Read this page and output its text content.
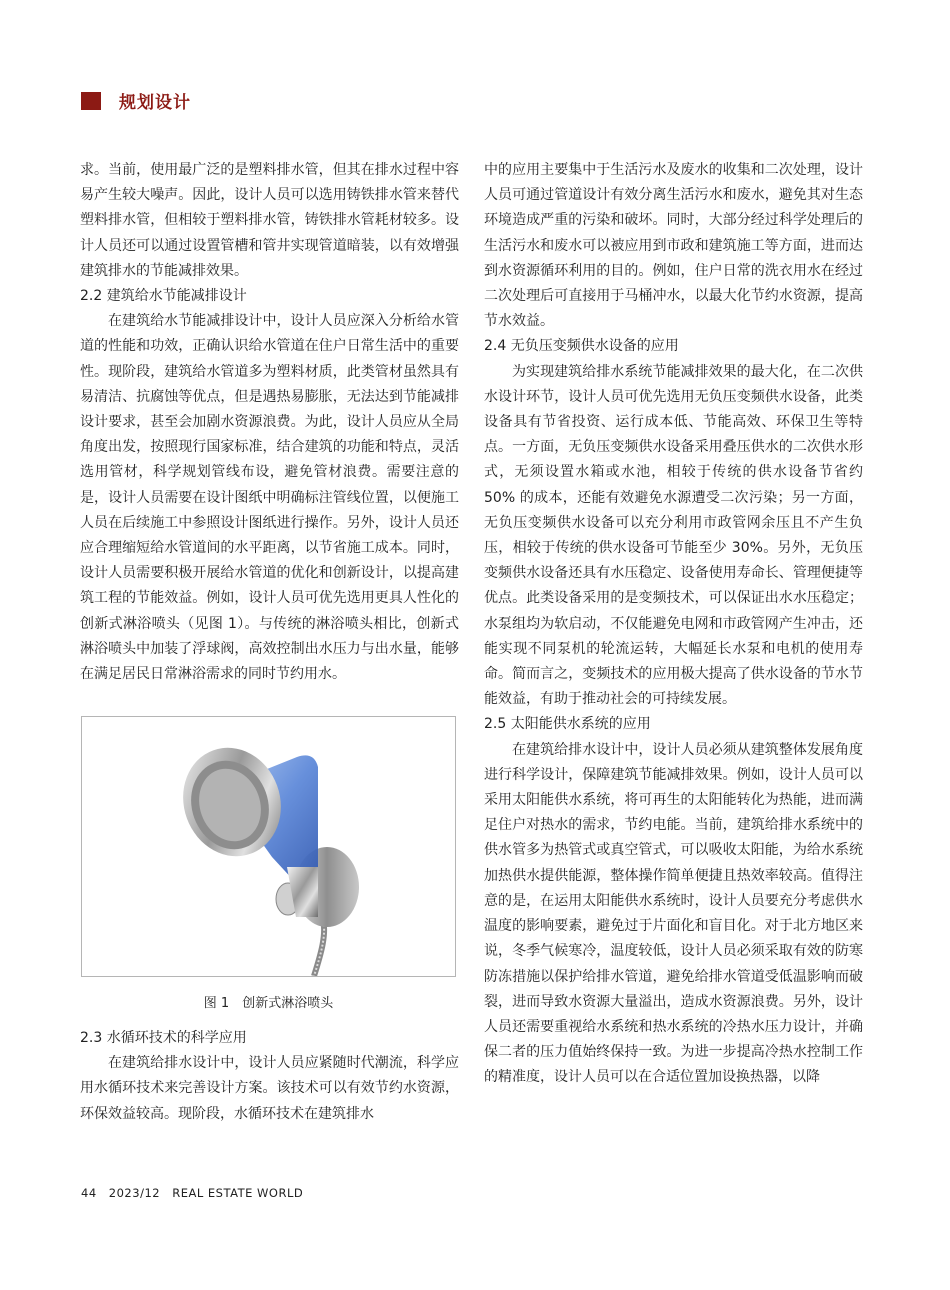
规划设计

求。当前，使用最广泛的是塑料排水管，但其在排水过程中容易产生较大噪声。因此，设计人员可以选用铸铁排水管来替代塑料排水管，但相较于塑料排水管，铸铁排水管耗材较多。设计人员还可以通过设置管槽和管井实现管道暗装，以有效增强建筑排水的节能减排效果。

2.2 建筑给水节能减排设计

在建筑给水节能减排设计中，设计人员应深入分析给水管道的性能和功效，正确认识给水管道在住户日常生活中的重要性。现阶段，建筑给水管道多为塑料材质，此类管材虽然具有易清洁、抗腐蚀等优点，但是遇热易膨胀，无法达到节能减排设计要求，甚至会加剧水资源浪费。为此，设计人员应从全局角度出发，按照现行国家标准，结合建筑的功能和特点，灵活选用管材，科学规划管线布设，避免管材浪费。需要注意的是，设计人员需要在设计图纸中明确标注管线位置，以便施工人员在后续施工中参照设计图纸进行操作。另外，设计人员还应合理缩短给水管道间的水平距离，以节省施工成本。同时，设计人员需要积极开展给水管道的优化和创新设计，以提高建筑工程的节能效益。例如，设计人员可优先选用更具人性化的创新式淋浴喷头（见图 1）。与传统的淋浴喷头相比，创新式淋浴喷头中加装了浮球阀，高效控制出水压力与出水量，能够在满足居民日常淋浴需求的同时节约用水。

图 1　创新式淋浴喷头
2.3 水循环技术的科学应用

在建筑给排水设计中，设计人员应紧随时代潮流，科学应用水循环技术来完善设计方案。该技术可以有效节约水资源，环保效益较高。现阶段，水循环技术在建筑排水

中的应用主要集中于生活污水及废水的收集和二次处理，设计人员可通过管道设计有效分离生活污水和废水，避免其对生态环境造成严重的污染和破坏。同时，大部分经过科学处理后的生活污水和废水可以被应用到市政和建筑施工等方面，进而达到水资源循环利用的目的。例如，住户日常的洗衣用水在经过二次处理后可直接用于马桶冲水，以最大化节约水资源，提高节水效益。

2.4 无负压变频供水设备的应用

为实现建筑给排水系统节能减排效果的最大化，在二次供水设计环节，设计人员可优先选用无负压变频供水设备，此类设备具有节省投资、运行成本低、节能高效、环保卫生等特点。一方面，无负压变频供水设备采用叠压供水的二次供水形式，无须设置水箱或水池，相较于传统的供水设备节省约 50% 的成本，还能有效避免水源遭受二次污染；另一方面，无负压变频供水设备可以充分利用市政管网余压且不产生负压，相较于传统的供水设备可节能至少 30%。另外，无负压变频供水设备还具有水压稳定、设备使用寿命长、管理便捷等优点。此类设备采用的是变频技术，可以保证出水水压稳定；水泵组均为软启动，不仅能避免电网和市政管网产生冲击，还能实现不同泵机的轮流运转，大幅延长水泵和电机的使用寿命。简而言之，变频技术的应用极大提高了供水设备的节水节能效益，有助于推动社会的可持续发展。

2.5 太阳能供水系统的应用

在建筑给排水设计中，设计人员必须从建筑整体发展角度进行科学设计，保障建筑节能减排效果。例如，设计人员可以采用太阳能供水系统，将可再生的太阳能转化为热能，进而满足住户对热水的需求，节约电能。当前，建筑给排水系统中的供水管多为热管式或真空管式，可以吸收太阳能，为给水系统加热供水提供能源，整体操作简单便捷且热效率较高。值得注意的是，在运用太阳能供水系统时，设计人员要充分考虑供水温度的影响要素，避免过于片面化和盲目化。对于北方地区来说，冬季气候寒冷，温度较低，设计人员必须采取有效的防寒防冻措施以保护给排水管道，避免给排水管道受低温影响而破裂，进而导致水资源大量溢出，造成水资源浪费。另外，设计人员还需要重视给水系统和热水系统的冷热水压力设计，并确保二者的压力值始终保持一致。为进一步提高冷热水控制工作的精准度，设计人员可以在合适位置加设换热器，以降

44 2023/12 REAL ESTATE WORLD
